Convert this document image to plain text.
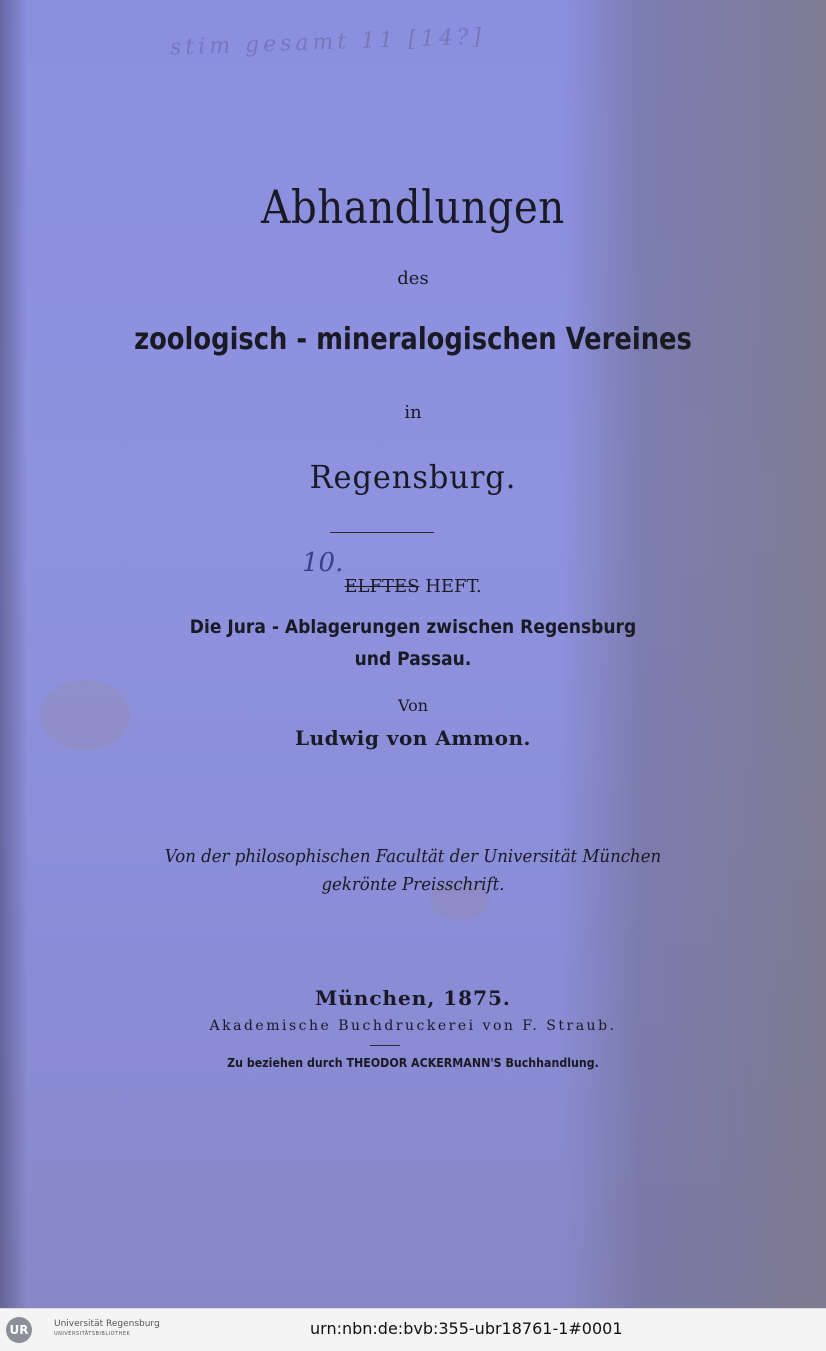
stim gesamt 11 [14?]
Abhandlungen
des
zoologisch - mineralogischen Vereines
in
Regensburg.
10.
ELFTES HEFT.
Die Jura - Ablagerungen zwischen Regensburg
und Passau.
Von
Ludwig von Ammon.
Von der philosophischen Facultät der Universität München
gekrönte Preisschrift.
München, 1875.
Akademische Buchdruckerei von F. Straub.
Zu beziehen durch THEODOR ACKERMANN'S Buchhandlung.
UR	Universität Regensburg
UNIVERSITÄTSBIBLIOTHEK	urn:nbn:de:bvb:355-ubr18761-1#0001
